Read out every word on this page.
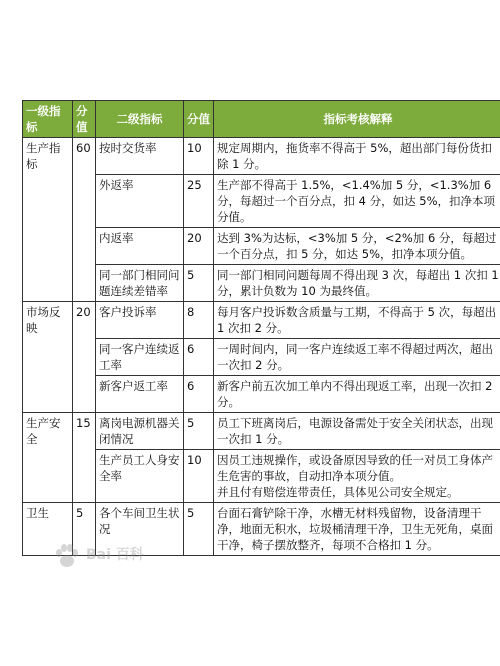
一级指标	分值	二级指标	分值	指标考核解释
生产指标	60	按时交货率	10	规定周期内，拖货率不得高于 5%，超出部门每份货扣除 1 分。
		外返率	25	生产部不得高于 1.5%，<1.4%加 5 分，<1.3%加 6 分，每超过一个百分点，扣 4 分，如达 5%，扣净本项分值。
		内返率	20	达到 3%为达标，<3%加 5 分，<2%加 6 分，每超过一个百分点，扣 5 分，如达 5%，扣净本项分值。
		同一部门相同问题连续差错率	5	同一部门相同问题每周不得出现 3 次，每超出 1 次扣 1 分，累计负数为 10 为最终值。
市场反映	20	客户投诉率	8	每月客户投诉数含质量与工期，不得高于 5 次，每超出 1 次扣 2 分。
		同一客户连续返工率	6	一周时间内，同一客户连续返工率不得超过两次，超出一次扣 2 分。
		新客户返工率	6	新客户前五次加工单内不得出现返工率，出现一次扣 2 分。
生产安全	15	离岗电源机器关闭情况	5	员工下班离岗后，电源设备需处于安全关闭状态，出现一次扣 1 分。
		生产员工人身安全率	10	因员工违规操作，或设备原因导致的任一对员工身体产生危害的事故，自动扣净本项分值。
并且付有赔偿连带责任，具体见公司安全规定。
卫生	5	各个车间卫生状况	5	台面石膏铲除干净，水槽无材料残留物，设备清理干净，地面无积水，垃圾桶清理干净，卫生无死角，桌面干净，椅子摆放整齐，每项不合格扣 1 分。
Bai 百科
